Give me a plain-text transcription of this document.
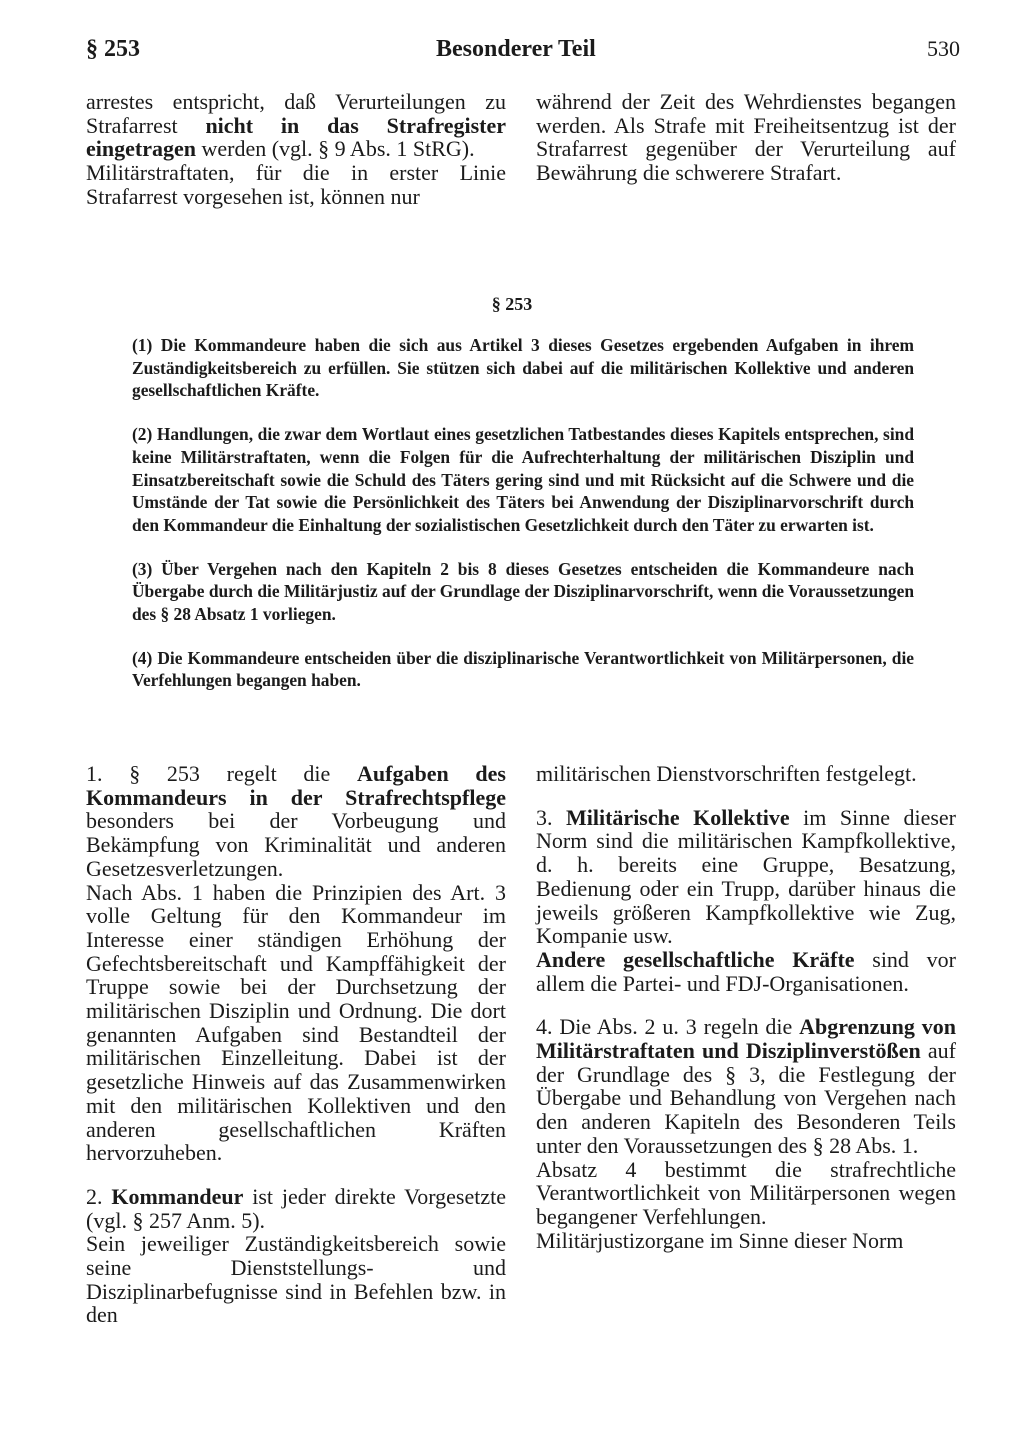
§ 253	Besonderer Teil	530

arrestes entspricht, daß Verurteilungen zu Strafarrest nicht in das Strafregister eingetragen werden (vgl. § 9 Abs. 1 StRG).

Militärstraftaten, für die in erster Linie Strafarrest vorgesehen ist, können nur

während der Zeit des Wehrdienstes begangen werden. Als Strafe mit Freiheitsentzug ist der Strafarrest gegenüber der Verurteilung auf Bewährung die schwerere Strafart.

§ 253

(1) Die Kommandeure haben die sich aus Artikel 3 dieses Gesetzes ergebenden Aufgaben in ihrem Zuständigkeitsbereich zu erfüllen. Sie stützen sich dabei auf die militärischen Kollektive und anderen gesellschaftlichen Kräfte.

(2) Handlungen, die zwar dem Wortlaut eines gesetzlichen Tatbestandes dieses Kapitels entsprechen, sind keine Militärstraftaten, wenn die Folgen für die Aufrechterhaltung der militärischen Disziplin und Einsatzbereitschaft sowie die Schuld des Täters gering sind und mit Rücksicht auf die Schwere und die Umstände der Tat sowie die Persönlichkeit des Täters bei Anwendung der Disziplinarvorschrift durch den Kommandeur die Einhaltung der sozialistischen Gesetzlichkeit durch den Täter zu erwarten ist.

(3) Über Vergehen nach den Kapiteln 2 bis 8 dieses Gesetzes entscheiden die Kommandeure nach Übergabe durch die Militärjustiz auf der Grundlage der Disziplinarvorschrift, wenn die Voraussetzungen des § 28 Absatz 1 vorliegen.

(4) Die Kommandeure entscheiden über die disziplinarische Verantwortlichkeit von Militärpersonen, die Verfehlungen begangen haben.

1. § 253 regelt die Aufgaben des Kommandeurs in der Strafrechtspflege besonders bei der Vorbeugung und Bekämpfung von Kriminalität und anderen Gesetzesverletzungen.

Nach Abs. 1 haben die Prinzipien des Art. 3 volle Geltung für den Kommandeur im Interesse einer ständigen Erhöhung der Gefechtsbereitschaft und Kampffähigkeit der Truppe sowie bei der Durchsetzung der militärischen Disziplin und Ordnung. Die dort genannten Aufgaben sind Bestandteil der militärischen Einzelleitung. Dabei ist der gesetzliche Hinweis auf das Zusammenwirken mit den militärischen Kollektiven und den anderen gesellschaftlichen Kräften hervorzuheben.

2. Kommandeur ist jeder direkte Vorgesetzte (vgl. § 257 Anm. 5).

Sein jeweiliger Zuständigkeitsbereich sowie seine Dienststellungs- und Disziplinarbefugnisse sind in Befehlen bzw. in den

militärischen Dienstvorschriften festgelegt.

3. Militärische Kollektive im Sinne dieser Norm sind die militärischen Kampfkollektive, d. h. bereits eine Gruppe, Besatzung, Bedienung oder ein Trupp, darüber hinaus die jeweils größeren Kampfkollektive wie Zug, Kompanie usw.

Andere gesellschaftliche Kräfte sind vor allem die Partei- und FDJ-Organisationen.

4. Die Abs. 2 u. 3 regeln die Abgrenzung von Militärstraftaten und Disziplinverstößen auf der Grundlage des § 3, die Festlegung der Übergabe und Behandlung von Vergehen nach den anderen Kapiteln des Besonderen Teils unter den Voraussetzungen des § 28 Abs. 1.

Absatz 4 bestimmt die strafrechtliche Verantwortlichkeit von Militärpersonen wegen begangener Verfehlungen.

Militärjustizorgane im Sinne dieser Norm
